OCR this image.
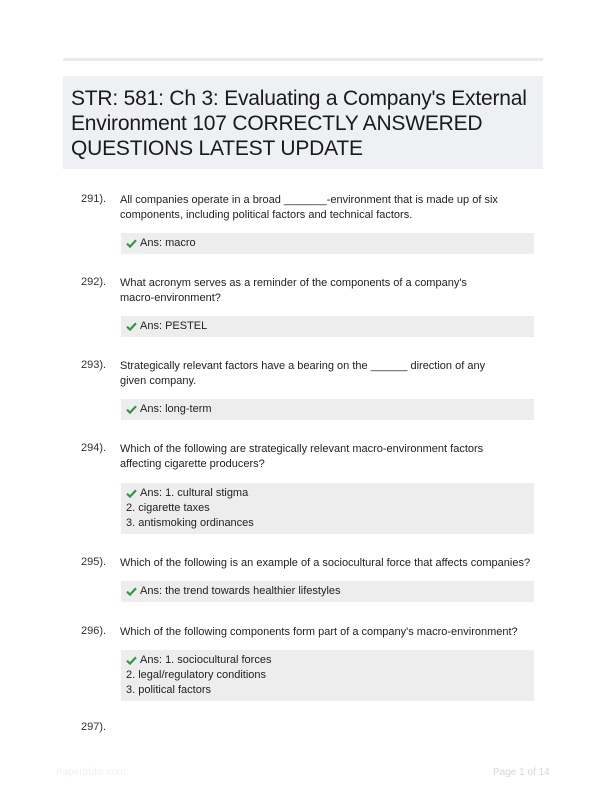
STR: 581: Ch 3: Evaluating a Company's External Environment 107 CORRECTLY ANSWERED QUESTIONS LATEST UPDATE
291). All companies operate in a broad _______-environment that is made up of six components, including political factors and technical factors.
Ans: macro
292). What acronym serves as a reminder of the components of a company's macro-environment?
Ans: PESTEL
293). Strategically relevant factors have a bearing on the ______ direction of any given company.
Ans: long-term
294). Which of the following are strategically relevant macro-environment factors affecting cigarette producers?
Ans: 1. cultural stigma
2. cigarette taxes
3. antismoking ordinances
295). Which of the following is an example of a sociocultural force that affects companies?
Ans: the trend towards healthier lifestyles
296). Which of the following components form part of a company's macro-environment?
Ans: 1. sociocultural forces
2. legal/regulatory conditions
3. political factors
297).
Papertrblic.com	Page 1 of 14
